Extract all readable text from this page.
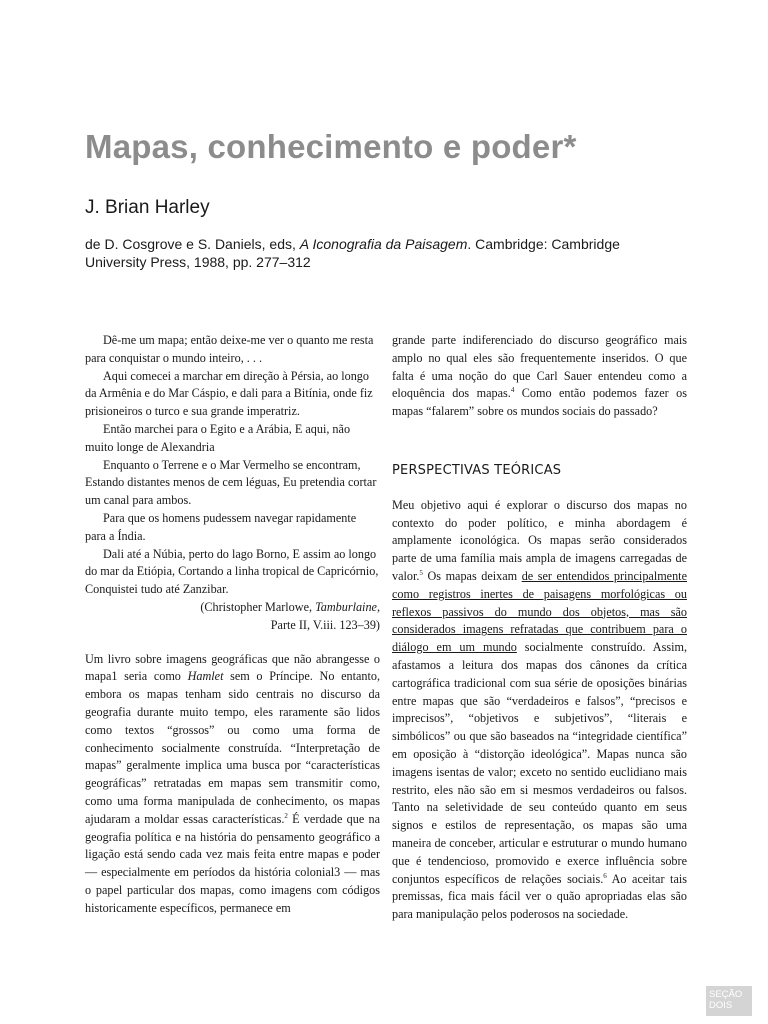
Mapas, conhecimento e poder*
J. Brian Harley
de D. Cosgrove e S. Daniels, eds, A Iconografia da Paisagem. Cambridge: Cambridge University Press, 1988, pp. 277–312

Dê-me um mapa; então deixe-me ver o quanto me resta para conquistar o mundo inteiro, . . .

Aqui comecei a marchar em direção à Pérsia, ao longo da Armênia e do Mar Cáspio, e dali para a Bitínia, onde fiz prisioneiros o turco e sua grande imperatriz.

Então marchei para o Egito e a Arábia, E aqui, não muito longe de Alexandria

Enquanto o Terrene e o Mar Vermelho se encontram, Estando distantes menos de cem léguas, Eu pretendia cortar um canal para ambos.

Para que os homens pudessem navegar rapidamente para a Índia.

Dali até a Núbia, perto do lago Borno, E assim ao longo do mar da Etiópia, Cortando a linha tropical de Capricórnio, Conquistei tudo até Zanzibar.

(Christopher Marlowe, Tamburlaine,

Parte II, V.iii. 123–39)

Um livro sobre imagens geográficas que não abrangesse o mapa1 seria como Hamlet sem o Príncipe. No entanto, embora os mapas tenham sido centrais no discurso da geografia durante muito tempo, eles raramente são lidos como textos “grossos” ou como uma forma de conhecimento socialmente construída. “Interpretação de mapas” geralmente implica uma busca por “características geográficas” retratadas em mapas sem transmitir como, como uma forma manipulada de conhecimento, os mapas ajudaram a moldar essas características.$^2$ É verdade que na geografia política e na história do pensamento geográfico a ligação está sendo cada vez mais feita entre mapas e poder — especialmente em períodos da história colonial3 — mas o papel particular dos mapas, como imagens com códigos historicamente específicos, permanece em

grande parte indiferenciado do discurso geográfico mais amplo no qual eles são frequentemente inseridos. O que falta é uma noção do que Carl Sauer entendeu como a eloquência dos mapas.$^4$ Como então podemos fazer os mapas “falarem” sobre os mundos sociais do passado?

PERSPECTIVAS TEÓRICAS

Meu objetivo aqui é explorar o discurso dos mapas no contexto do poder político, e minha abordagem é amplamente iconológica. Os mapas serão considerados parte de uma família mais ampla de imagens carregadas de valor.$^5$ Os mapas deixam de ser entendidos principalmente como registros inertes de paisagens morfológicas ou reflexos passivos do mundo dos objetos, mas são considerados imagens refratadas que contribuem para o diálogo em um mundo socialmente construído. Assim, afastamos a leitura dos mapas dos cânones da crítica cartográfica tradicional com sua série de oposições binárias entre mapas que são “verdadeiros e falsos”, “precisos e imprecisos”, “objetivos e subjetivos”, “literais e simbólicos” ou que são baseados na “integridade científica” em oposição à “distorção ideológica”. Mapas nunca são imagens isentas de valor; exceto no sentido euclidiano mais restrito, eles não são em si mesmos verdadeiros ou falsos. Tanto na seletividade de seu conteúdo quanto em seus signos e estilos de representação, os mapas são uma maneira de conceber, articular e estruturar o mundo humano que é tendencioso, promovido e exerce influência sobre conjuntos específicos de relações sociais.$^6$ Ao aceitar tais premissas, fica mais fácil ver o quão apropriadas elas são para manipulação pelos poderosos na sociedade.

SEÇÃO
DOIS
